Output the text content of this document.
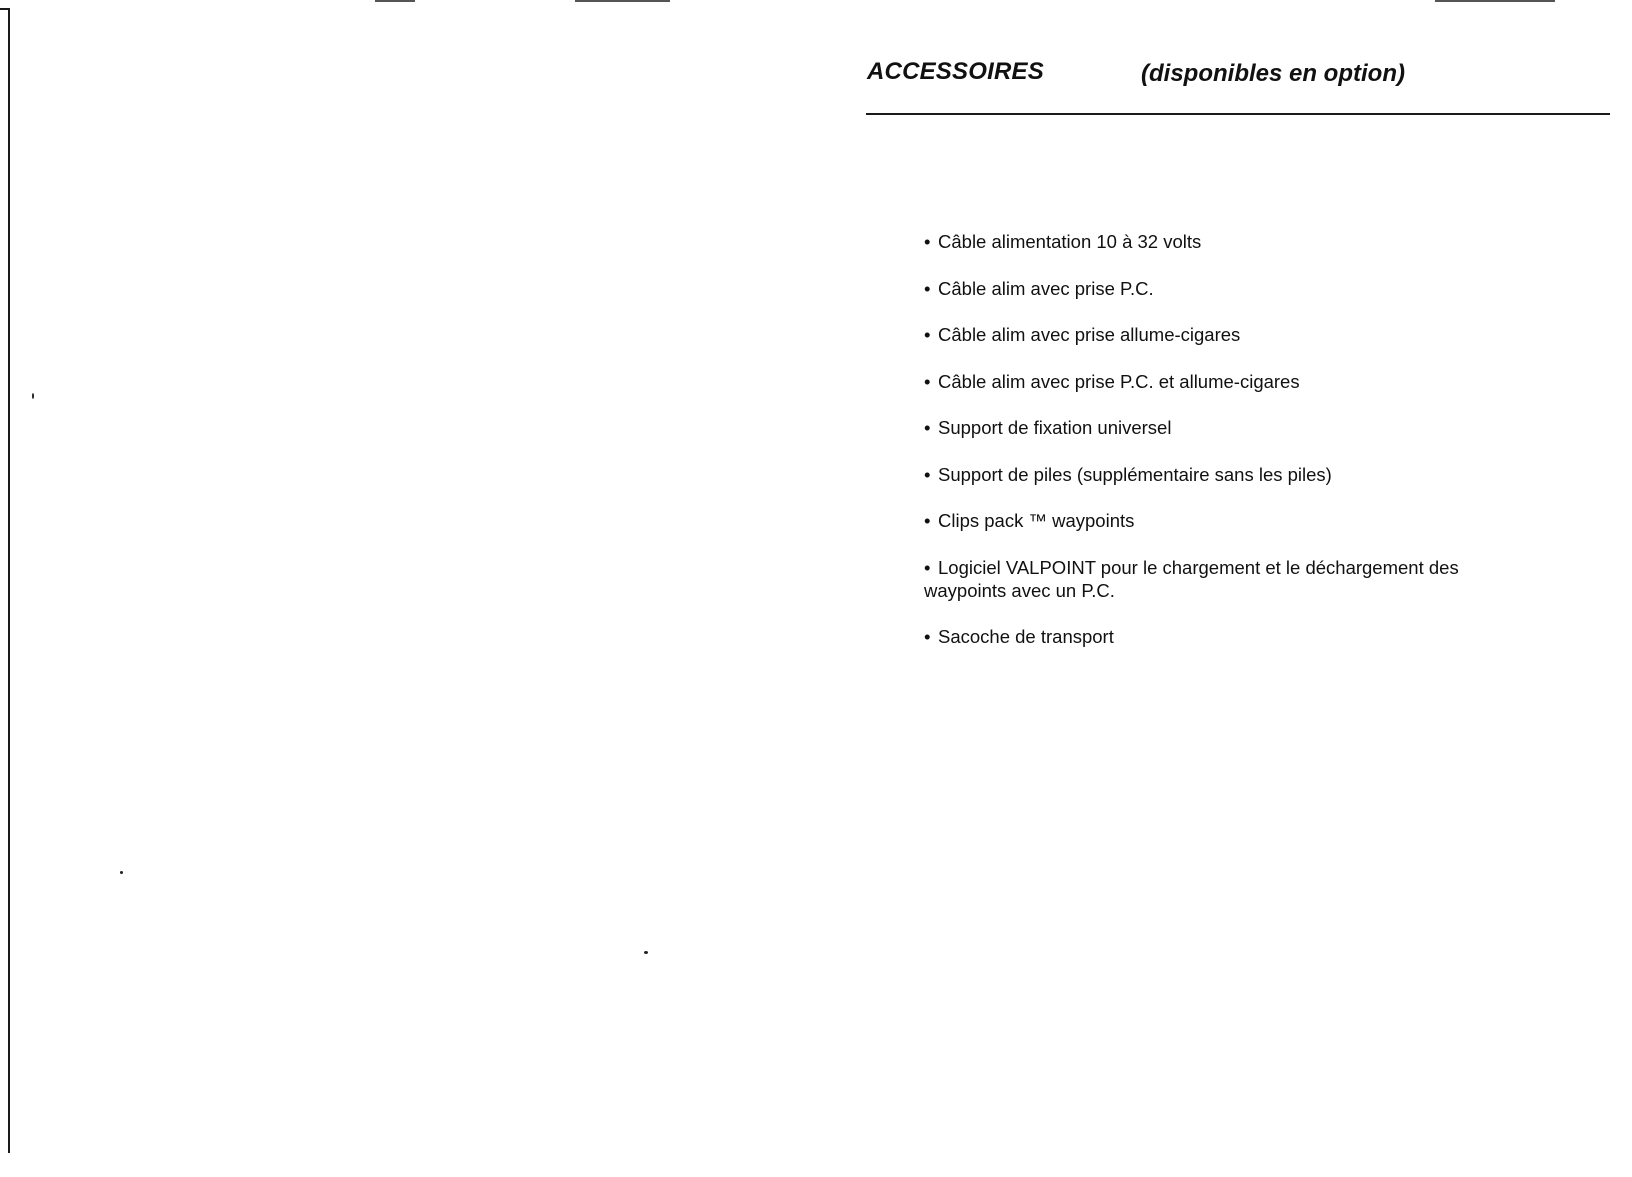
ACCESSOIRES	(disponibles en option)
• Câble alimentation 10 à 32 volts
• Câble alim avec prise P.C.
• Câble alim avec prise allume-cigares
• Câble alim avec prise P.C. et allume-cigares
• Support de fixation universel
• Support de piles (supplémentaire sans les piles)
• Clips pack ™ waypoints
• Logiciel VALPOINT pour le chargement et le déchargement des waypoints avec un P.C.
• Sacoche de transport
